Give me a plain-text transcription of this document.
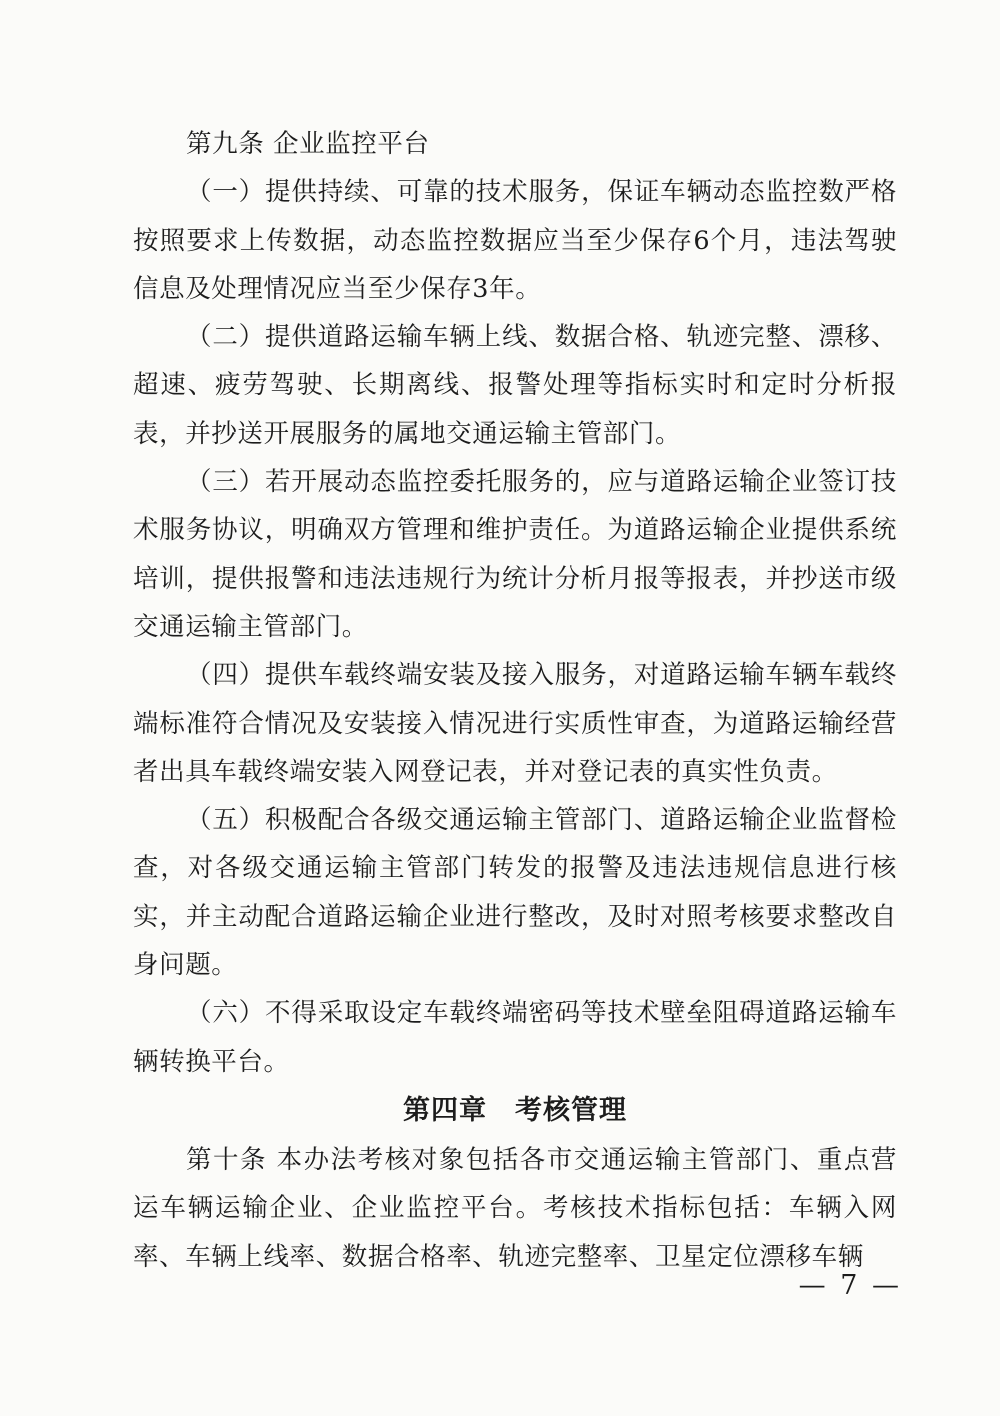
第九条 企业监控平台

（一）提供持续、可靠的技术服务，保证车辆动态监控数严格按照要求上传数据，动态监控数据应当至少保存6个月，违法驾驶信息及处理情况应当至少保存3年。

（二）提供道路运输车辆上线、数据合格、轨迹完整、漂移、超速、疲劳驾驶、长期离线、报警处理等指标实时和定时分析报表，并抄送开展服务的属地交通运输主管部门。

（三）若开展动态监控委托服务的，应与道路运输企业签订技术服务协议，明确双方管理和维护责任。为道路运输企业提供系统培训，提供报警和违法违规行为统计分析月报等报表，并抄送市级交通运输主管部门。

（四）提供车载终端安装及接入服务，对道路运输车辆车载终端标准符合情况及安装接入情况进行实质性审查，为道路运输经营者出具车载终端安装入网登记表，并对登记表的真实性负责。

（五）积极配合各级交通运输主管部门、道路运输企业监督检查，对各级交通运输主管部门转发的报警及违法违规信息进行核实，并主动配合道路运输企业进行整改，及时对照考核要求整改自身问题。

（六）不得采取设定车载终端密码等技术壁垒阻碍道路运输车辆转换平台。

第四章　考核管理

第十条 本办法考核对象包括各市交通运输主管部门、重点营运车辆运输企业、企业监控平台。考核技术指标包括：车辆入网率、车辆上线率、数据合格率、轨迹完整率、卫星定位漂移车辆

— 7 —
